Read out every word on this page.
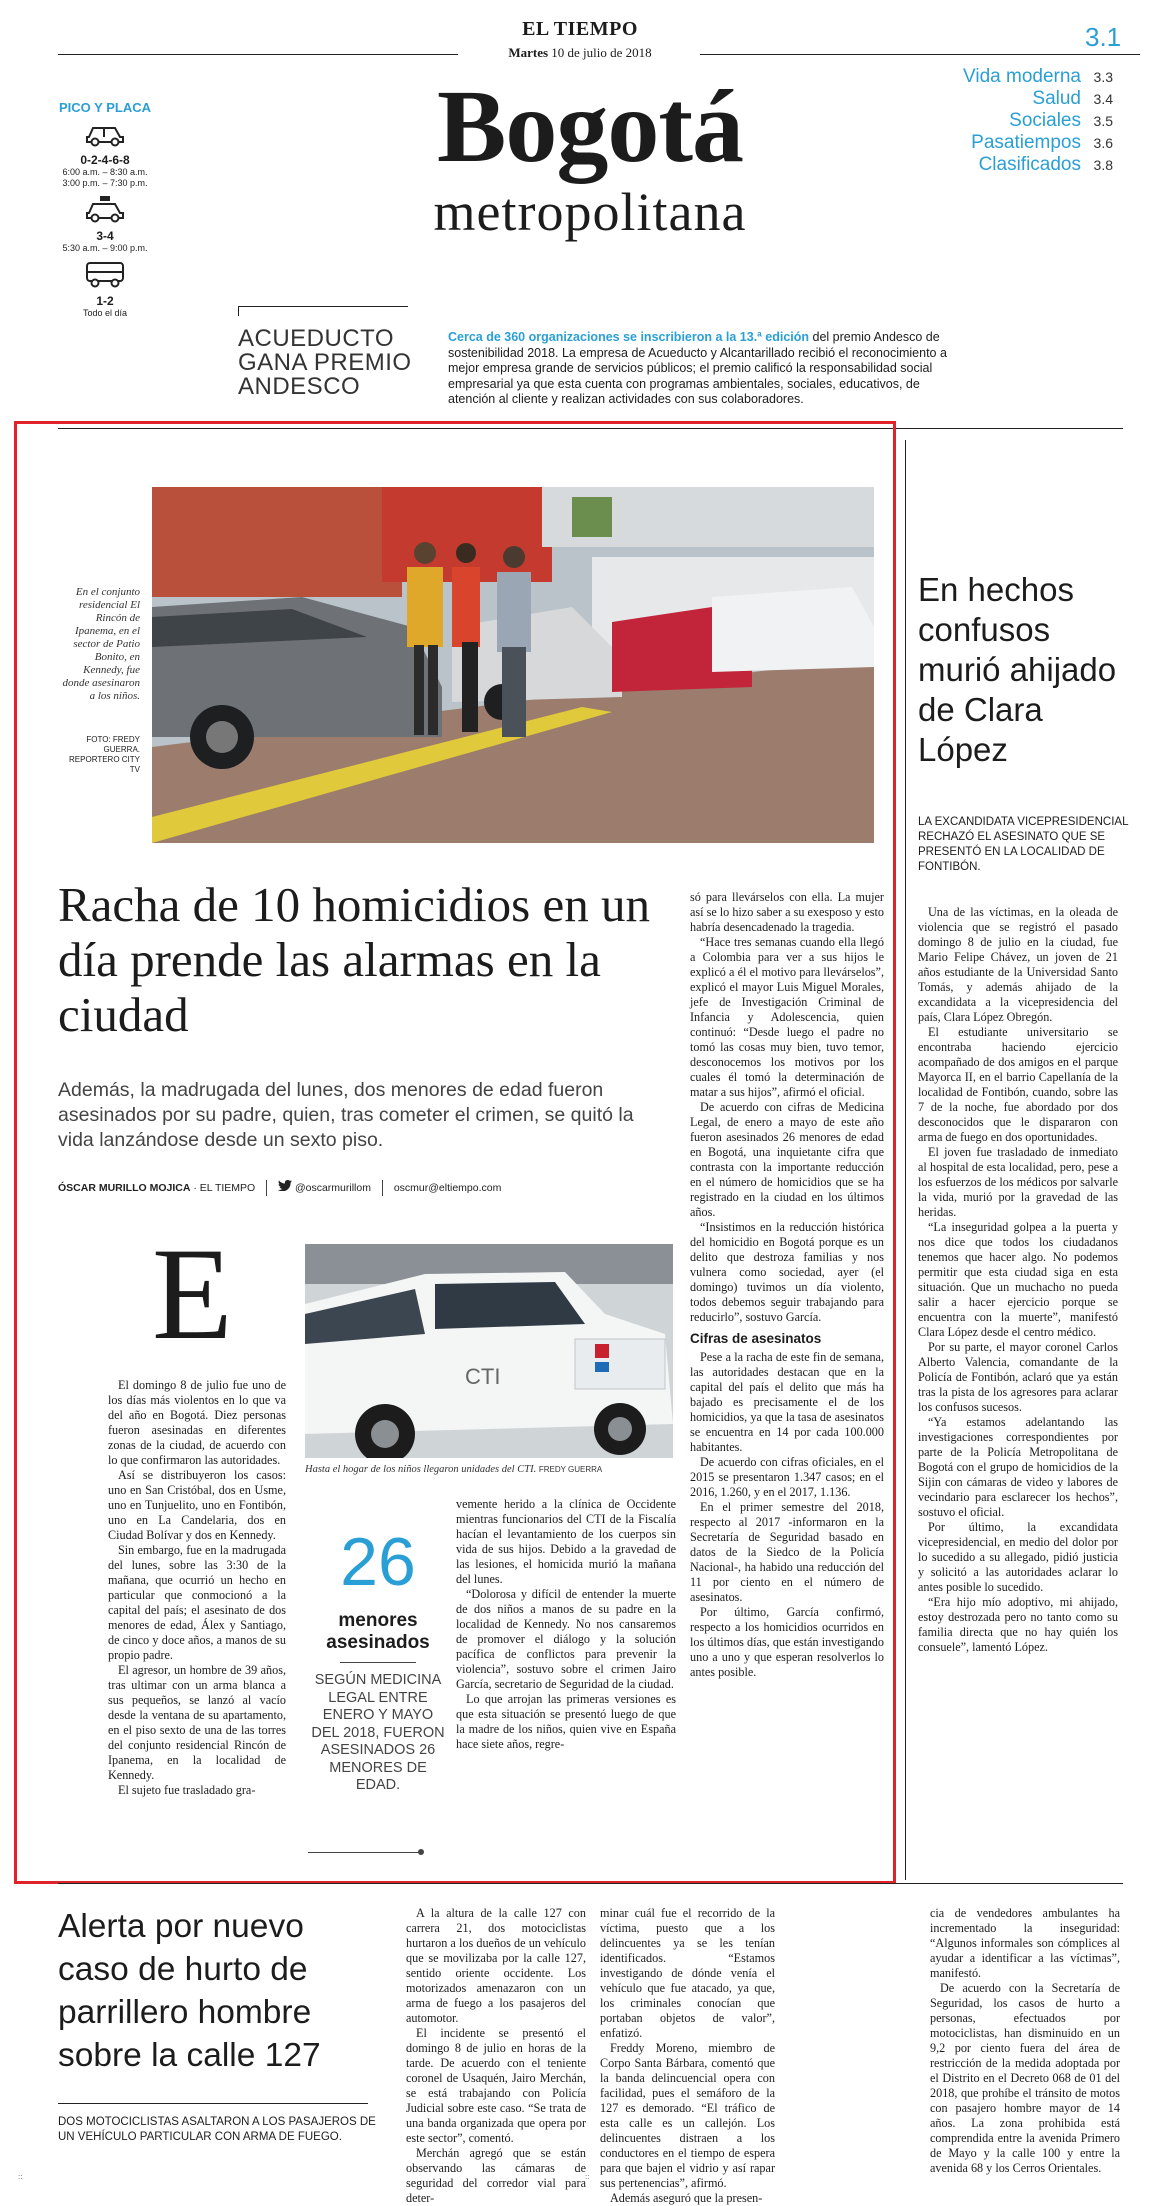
EL TIEMPO
Martes 10 de julio de 2018
3.1
Bogotá
metropolitana
Vida moderna 3.3
Salud 3.4
Sociales 3.5
Pasatiempos 3.6
Clasificados 3.8
PICO Y PLACA
0-2-4-6-8
6:00 a.m. – 8:30 a.m.
3:00 p.m. – 7:30 p.m.
3-4
5:30 a.m. – 9:00 p.m.
1-2
Todo el día
ACUEDUCTO GANA PREMIO ANDESCO
Cerca de 360 organizaciones se inscribieron a la 13.ª edición del premio Andesco de sostenibilidad 2018. La empresa de Acueducto y Alcantarillado recibió el reconocimiento a mejor empresa grande de servicios públicos; el premio calificó la responsabilidad social empresarial ya que esta cuenta con programas ambientales, sociales, educativos, de atención al cliente y realizan actividades con sus colaboradores.
En el conjunto residencial El Rincón de Ipanema, en el sector de Patio Bonito, en Kennedy, fue donde asesinaron a los niños.
FOTO: FREDY GUERRA. REPORTERO CITY TV
Racha de 10 homicidios en un día prende las alarmas en la ciudad
Además, la madrugada del lunes, dos menores de edad fueron asesinados por su padre, quien, tras cometer el crimen, se quitó la vida lanzándose desde un sexto piso.
ÓSCAR MURILLO MOJICA · EL TIEMPO	@oscarmurillom oscmur@eltiempo.com
E

El domingo 8 de julio fue uno de los días más violentos en lo que va del año en Bogotá. Diez personas fueron asesinadas en diferentes zonas de la ciudad, de acuerdo con lo que confirmaron las autoridades.

Así se distribuyeron los casos: uno en San Cristóbal, dos en Usme, uno en Tunjuelito, uno en Fontibón, uno en La Candelaria, dos en Ciudad Bolívar y dos en Kennedy.

Sin embargo, fue en la madrugada del lunes, sobre las 3:30 de la mañana, que ocurrió un hecho en particular que conmocionó a la capital del país; el asesinato de dos menores de edad, Álex y Santiago, de cinco y doce años, a manos de su propio padre.

El agresor, un hombre de 39 años, tras ultimar con un arma blanca a sus pequeños, se lanzó al vacío desde la ventana de su apartamento, en el piso sexto de una de las torres del conjunto residencial Rincón de Ipanema, en la localidad de Kennedy.

El sujeto fue trasladado gra-

CTI
Hasta el hogar de los niños llegaron unidades del CTI. FREDY GUERRA
26
menores asesinados
SEGÚN MEDICINA LEGAL ENTRE ENERO Y MAYO DEL 2018, FUERON ASESINADOS 26 MENORES DE EDAD.

vemente herido a la clínica de Occidente mientras funcionarios del CTI de la Fiscalía hacían el levantamiento de los cuerpos sin vida de sus hijos. Debido a la gravedad de las lesiones, el homicida murió la mañana del lunes.

“Dolorosa y difícil de entender la muerte de dos niños a manos de su padre en la localidad de Kennedy. No nos cansaremos de promover el diálogo y la solución pacífica de conflictos para prevenir la violencia”, sostuvo sobre el crimen Jairo García, secretario de Seguridad de la ciudad.

Lo que arrojan las primeras versiones es que esta situación se presentó luego de que la madre de los niños, quien vive en España hace siete años, regre-

só para llevárselos con ella. La mujer así se lo hizo saber a su exesposo y esto habría desencadenado la tragedia.

“Hace tres semanas cuando ella llegó a Colombia para ver a sus hijos le explicó a él el motivo para llevárselos”, explicó el mayor Luis Miguel Morales, jefe de Investigación Criminal de Infancia y Adolescencia, quien continuó: “Desde luego el padre no tomó las cosas muy bien, tuvo temor, desconocemos los motivos por los cuales él tomó la determinación de matar a sus hijos”, afirmó el oficial.

De acuerdo con cifras de Medicina Legal, de enero a mayo de este año fueron asesinados 26 menores de edad en Bogotá, una inquietante cifra que contrasta con la importante reducción en el número de homicidios que se ha registrado en la ciudad en los últimos años.

“Insistimos en la reducción histórica del homicidio en Bogotá porque es un delito que destroza familias y nos vulnera como sociedad, ayer (el domingo) tuvimos un día violento, todos debemos seguir trabajando para reducirlo”, sostuvo García.

Cifras de asesinatos

Pese a la racha de este fin de semana, las autoridades destacan que en la capital del país el delito que más ha bajado es precisamente el de los homicidios, ya que la tasa de asesinatos se encuentra en 14 por cada 100.000 habitantes.

De acuerdo con cifras oficiales, en el 2015 se presentaron 1.347 casos; en el 2016, 1.260, y en el 2017, 1.136.

En el primer semestre del 2018, respecto al 2017 -informaron en la Secretaría de Seguridad basado en datos de la Siedco de la Policía Nacional-, ha habido una reducción del 11 por ciento en el número de asesinatos.

Por último, García confirmó, respecto a los homicidios ocurridos en los últimos días, que están investigando uno a uno y que esperan resolverlos lo antes posible.

En hechos confusos murió ahijado de Clara López
LA EXCANDIDATA VICEPRESIDENCIAL RECHAZÓ EL ASESINATO QUE SE PRESENTÓ EN LA LOCALIDAD DE FONTIBÓN.

Una de las víctimas, en la oleada de violencia que se registró el pasado domingo 8 de julio en la ciudad, fue Mario Felipe Chávez, un joven de 21 años estudiante de la Universidad Santo Tomás, y además ahijado de la excandidata a la vicepresidencia del país, Clara López Obregón.

El estudiante universitario se encontraba haciendo ejercicio acompañado de dos amigos en el parque Mayorca II, en el barrio Capellanía de la localidad de Fontibón, cuando, sobre las 7 de la noche, fue abordado por dos desconocidos que le dispararon con arma de fuego en dos oportunidades.

El joven fue trasladado de inmediato al hospital de esta localidad, pero, pese a los esfuerzos de los médicos por salvarle la vida, murió por la gravedad de las heridas.

“La inseguridad golpea a la puerta y nos dice que todos los ciudadanos tenemos que hacer algo. No podemos permitir que esta ciudad siga en esta situación. Que un muchacho no pueda salir a hacer ejercicio porque se encuentra con la muerte”, manifestó Clara López desde el centro médico.

Por su parte, el mayor coronel Carlos Alberto Valencia, comandante de la Policía de Fontibón, aclaró que ya están tras la pista de los agresores para aclarar los confusos sucesos.

“Ya estamos adelantando las investigaciones correspondientes por parte de la Policía Metropolitana de Bogotá con el grupo de homicidios de la Sijin con cámaras de video y labores de vecindario para esclarecer los hechos”, sostuvo el oficial.

Por último, la excandidata vicepresidencial, en medio del dolor por lo sucedido a su allegado, pidió justicia y solicitó a las autoridades aclarar lo antes posible lo sucedido.

“Era hijo mío adoptivo, mi ahijado, estoy destrozada pero no tanto como su familia directa que no hay quién los consuele”, lamentó López.

Alerta por nuevo caso de hurto de parrillero hombre sobre la calle 127
DOS MOTOCICLISTAS ASALTARON A LOS PASAJEROS DE UN VEHÍCULO PARTICULAR CON ARMA DE FUEGO.

A la altura de la calle 127 con carrera 21, dos motociclistas hurtaron a los dueños de un vehículo que se movilizaba por la calle 127, sentido oriente occidente. Los motorizados amenazaron con un arma de fuego a los pasajeros del automotor.

El incidente se presentó el domingo 8 de julio en horas de la tarde. De acuerdo con el teniente coronel de Usaquén, Jairo Merchán, se está trabajando con Policía Judicial sobre este caso. “Se trata de una banda organizada que opera por este sector”, comentó.

Merchán agregó que se están observando las cámaras de seguridad del corredor vial para deter-

minar cuál fue el recorrido de la víctima, puesto que a los delincuentes ya se les tenían identificados. “Estamos investigando de dónde venía el vehículo que fue atacado, ya que, los criminales conocían que portaban objetos de valor”, enfatizó.

Freddy Moreno, miembro de Corpo Santa Bárbara, comentó que la banda delincuencial opera con facilidad, pues el semáforo de la 127 es demorado. “El tráfico de esta calle es un callejón. Los delincuentes distraen a los conductores en el tiempo de espera para que bajen el vidrio y así rapar sus pertenencias”, afirmó.

Además aseguró que la presen-

cia de vendedores ambulantes ha incrementado la inseguridad: “Algunos informales son cómplices al ayudar a identificar a las víctimas”, manifestó.

De acuerdo con la Secretaría de Seguridad, los casos de hurto a personas, efectuados por motociclistas, han disminuido en un 9,2 por ciento fuera del área de restricción de la medida adoptada por el Distrito en el Decreto 068 de 01 del 2018, que prohíbe el tránsito de motos con pasajero hombre mayor de 14 años. La zona prohibida está comprendida entre la avenida Primero de Mayo y la calle 100 y entre la avenida 68 y los Cerros Orientales.

::	::
